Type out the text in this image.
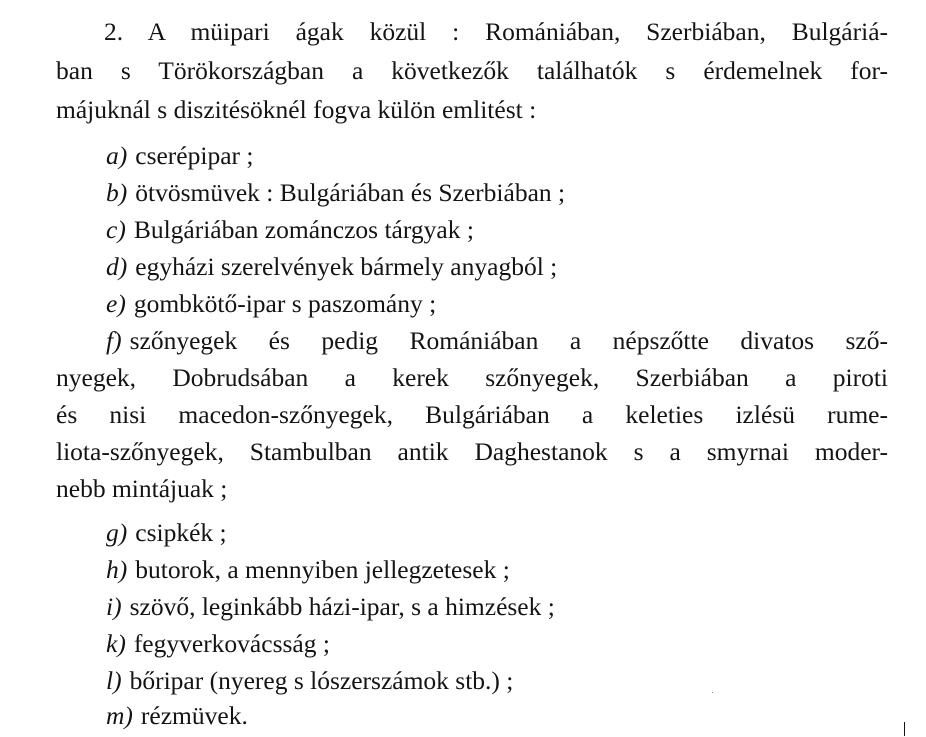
2. A müipari ágak közül : Romániában, Szerbiában, Bulgáriá-
ban s Törökországban a következők találhatók s érdemelnek for-
májuknál s diszitésöknél fogva külön emlitést :
a) cserépipar ;
b) ötvösmüvek : Bulgáriában és Szerbiában ;
c) Bulgáriában zománczos tárgyak ;
d) egyházi szerelvények bármely anyagból ;
e) gombkötő-ipar s paszomány ;
f) szőnyegek és pedig Romániában a népszőtte divatos sző-
nyegek, Dobrudsában a kerek szőnyegek, Szerbiában a piroti
és nisi macedon-szőnyegek, Bulgáriában a keleties izlésü rume-
liota-szőnyegek, Stambulban antik Daghestanok s a smyrnai moder-
nebb mintájuak ;
g) csipkék ;
h) butorok, a mennyiben jellegzetesek ;
i) szövő, leginkább házi-ipar, s a himzések ;
k) fegyverkovácsság ;
l) bőripar (nyereg s lószerszámok stb.) ;
m) rézmüvek.
